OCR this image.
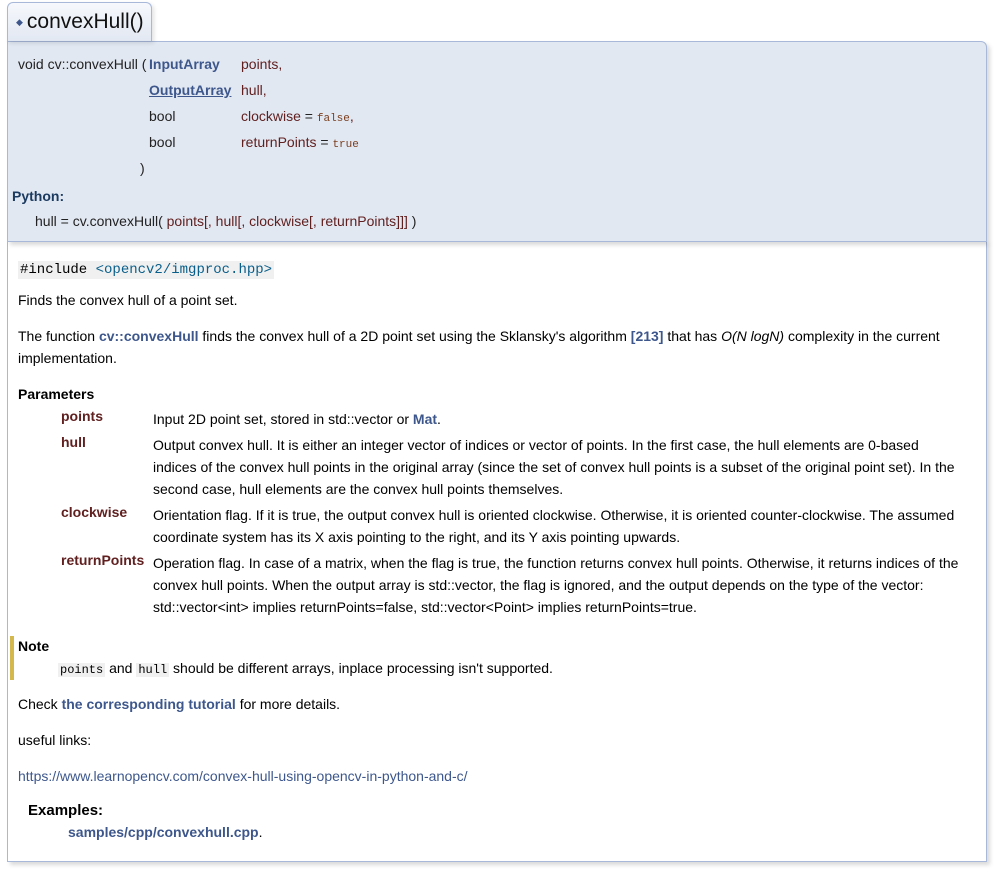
◆ convexHull()
void cv::convexHull ( InputArray points,
OutputArray hull,
bool	clockwise = false,
bool	returnPoints = true
)
Python:
hull = cv.convexHull( points[, hull[, clockwise[, returnPoints]]] )
#include <opencv2/imgproc.hpp>
Finds the convex hull of a point set.
The function cv::convexHull finds the convex hull of a 2D point set using the Sklansky's algorithm [213] that has O(N logN) complexity in the current
implementation.
Parameters
points	Input 2D point set, stored in std::vector or Mat.
hull	Output convex hull. It is either an integer vector of indices or vector of points. In the first case, the hull elements are 0-based
indices of the convex hull points in the original array (since the set of convex hull points is a subset of the original point set). In the
second case, hull elements are the convex hull points themselves.
clockwise Orientation flag. If it is true, the output convex hull is oriented clockwise. Otherwise, it is oriented counter-clockwise. The assumed
coordinate system has its X axis pointing to the right, and its Y axis pointing upwards.
returnPoints Operation flag. In case of a matrix, when the flag is true, the function returns convex hull points. Otherwise, it returns indices of the
convex hull points. When the output array is std::vector, the flag is ignored, and the output depends on the type of the vector:
std::vector<int> implies returnPoints=false, std::vector<Point> implies returnPoints=true.
Note
points and hull should be different arrays, inplace processing isn't supported.
Check the corresponding tutorial for more details.
useful links:
https://www.learnopencv.com/convex-hull-using-opencv-in-python-and-c/
Examples:
samples/cpp/convexhull.cpp.
